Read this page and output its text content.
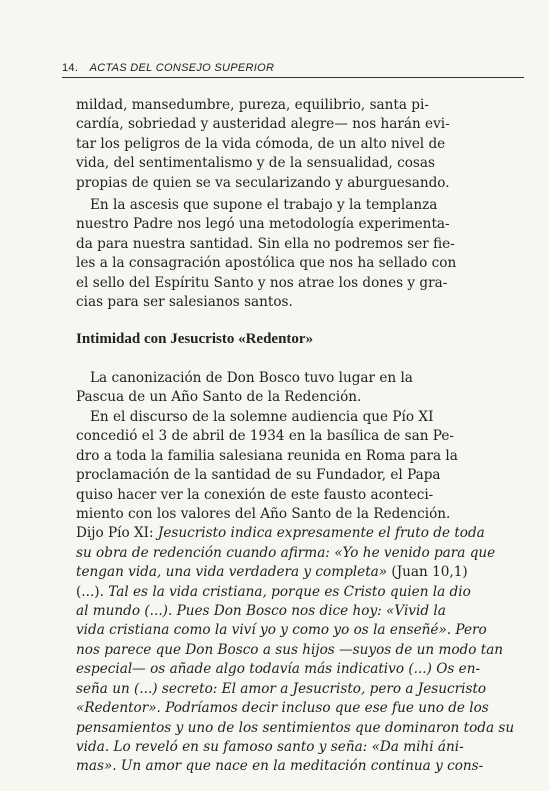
14. ACTAS DEL CONSEJO SUPERIOR
mildad, mansedumbre, pureza, equilibrio, santa pi-
cardía, sobriedad y austeridad alegre— nos harán evi-
tar los peligros de la vida cómoda, de un alto nivel de
vida, del sentimentalismo y de la sensualidad, cosas
propias de quien se va secularizando y aburguesando.
En la ascesis que supone el trabajo y la templanza
nuestro Padre nos legó una metodología experimenta-
da para nuestra santidad. Sin ella no podremos ser fie-
les a la consagración apostólica que nos ha sellado con
el sello del Espíritu Santo y nos atrae los dones y gra-
cias para ser salesianos santos.
Intimidad con Jesucristo «Redentor»
La canonización de Don Bosco tuvo lugar en la
Pascua de un Año Santo de la Redención.
En el discurso de la solemne audiencia que Pío XI
concedió el 3 de abril de 1934 en la basílica de san Pe-
dro a toda la familia salesiana reunida en Roma para la
proclamación de la santidad de su Fundador, el Papa
quiso hacer ver la conexión de este fausto aconteci-
miento con los valores del Año Santo de la Redención.
Dijo Pío XI: Jesucristo indica expresamente el fruto de toda
su obra de redención cuando afirma: «Yo he venido para que
tengan vida, una vida verdadera y completa» (Juan 10,1)
(...). Tal es la vida cristiana, porque es Cristo quien la dio
al mundo (...). Pues Don Bosco nos dice hoy: «Vivid la
vida cristiana como la viví yo y como yo os la enseñé». Pero
nos parece que Don Bosco a sus hijos —suyos de un modo tan
especial— os añade algo todavía más indicativo (...) Os en-
seña un (...) secreto: El amor a Jesucristo, pero a Jesucristo
«Redentor». Podríamos decir incluso que ese fue uno de los
pensamientos y uno de los sentimientos que dominaron toda su
vida. Lo reveló en su famoso santo y seña: «Da mihi áni-
mas». Un amor que nace en la meditación continua y cons-
